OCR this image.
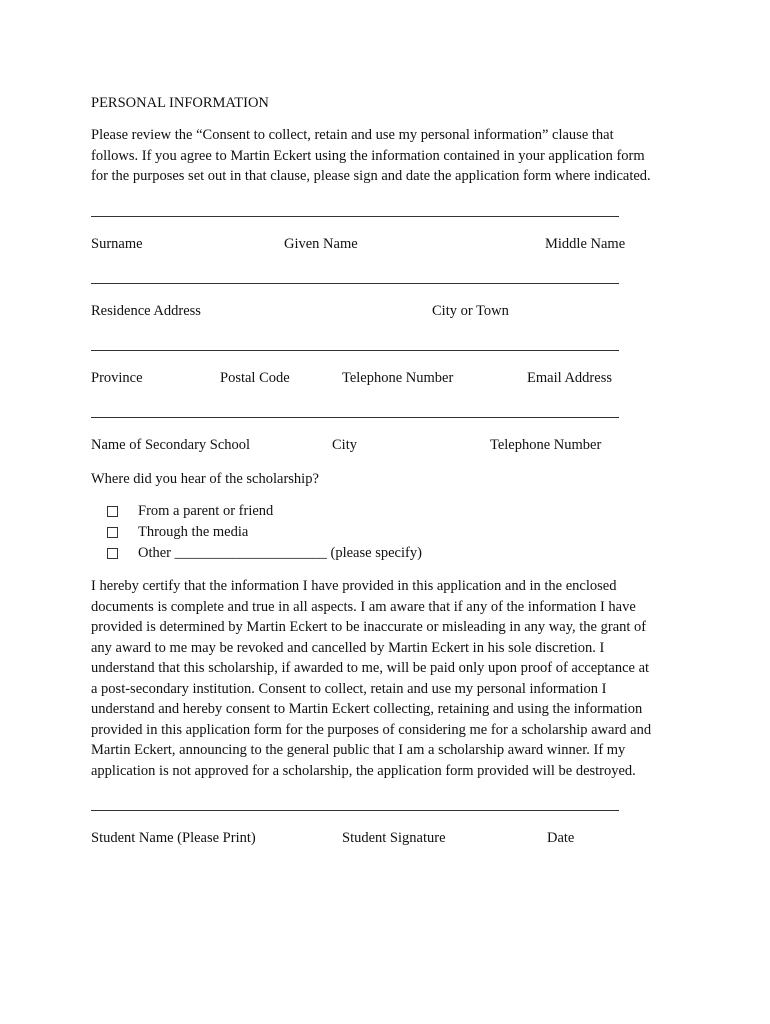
PERSONAL INFORMATION
Please review the “Consent to collect, retain and use my personal information” clause that
follows. If you agree to Martin Eckert using the information contained in your application form
for the purposes set out in that clause, please sign and date the application form where indicated.
Surname	Given Name	Middle Name
Residence Address	City or Town
Province	Postal Code	Telephone Number	Email Address
Name of Secondary School	City	Telephone Number
Where did you hear of the scholarship?
From a parent or friend
Through the media
Other _____________________ (please specify)
I hereby certify that the information I have provided in this application and in the enclosed
documents is complete and true in all aspects. I am aware that if any of the information I have
provided is determined by Martin Eckert to be inaccurate or misleading in any way, the grant of
any award to me may be revoked and cancelled by Martin Eckert in his sole discretion. I
understand that this scholarship, if awarded to me, will be paid only upon proof of acceptance at
a post-secondary institution. Consent to collect, retain and use my personal information I
understand and hereby consent to Martin Eckert collecting, retaining and using the information
provided in this application form for the purposes of considering me for a scholarship award and
Martin Eckert, announcing to the general public that I am a scholarship award winner. If my
application is not approved for a scholarship, the application form provided will be destroyed.
Student Name (Please Print)	Student Signature	Date
